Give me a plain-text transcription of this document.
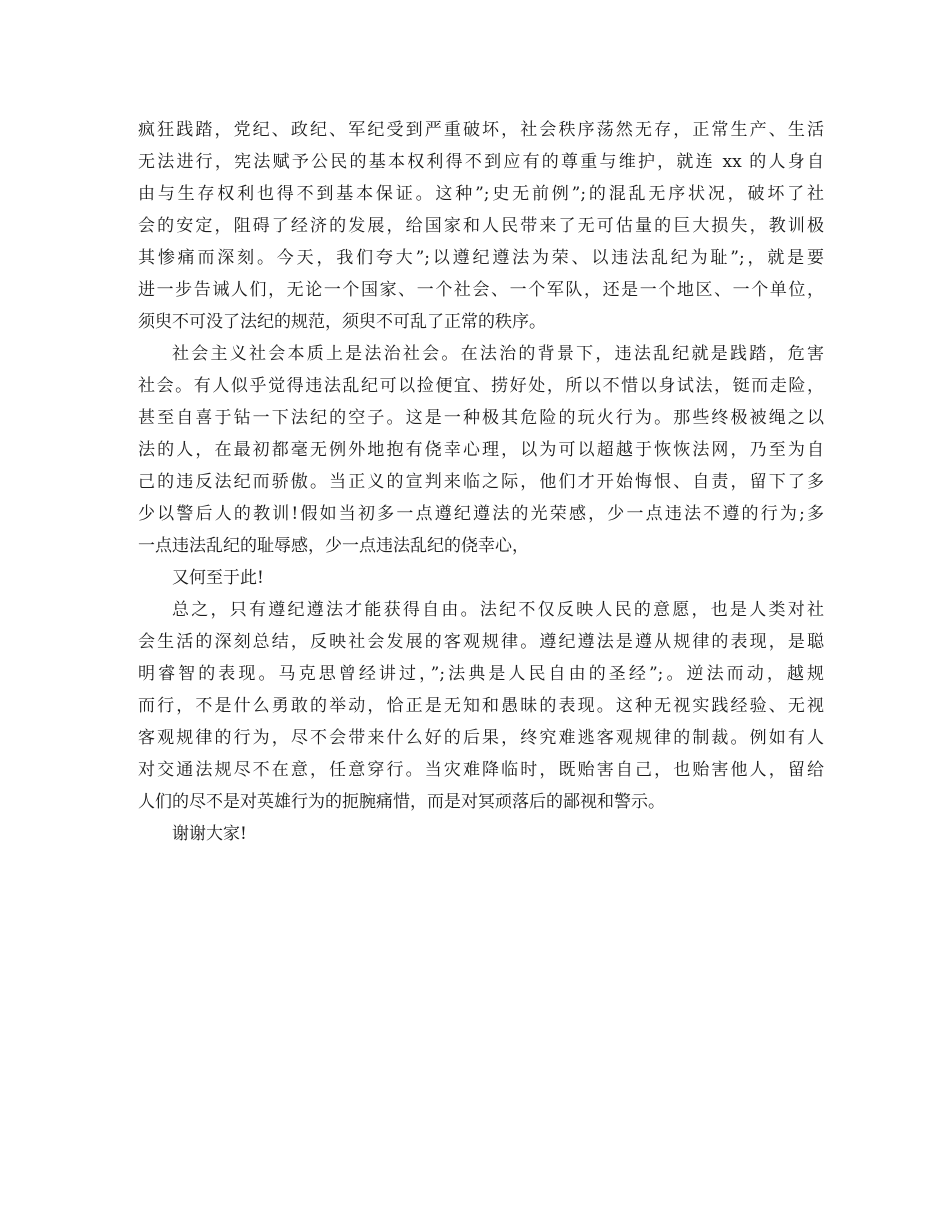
疯狂践踏，党纪、政纪、军纪受到严重破坏，社会秩序荡然无存，正常生产、生活
无法进行，宪法赋予公民的基本权利得不到应有的尊重与维护，就连 xx 的人身自
由与生存权利也得不到基本保证。这种”;史无前例”;的混乱无序状况，破坏了社
会的安定，阻碍了经济的发展，给国家和人民带来了无可估量的巨大损失，教训极
其惨痛而深刻。今天，我们夸大”;以遵纪遵法为荣、以违法乱纪为耻”;，就是要
进一步告诫人们，无论一个国家、一个社会、一个军队，还是一个地区、一个单位，
须臾不可没了法纪的规范，须臾不可乱了正常的秩序。
社会主义社会本质上是法治社会。在法治的背景下，违法乱纪就是践踏，危害
社会。有人似乎觉得违法乱纪可以捡便宜、捞好处，所以不惜以身试法，铤而走险，
甚至自喜于钻一下法纪的空子。这是一种极其危险的玩火行为。那些终极被绳之以
法的人，在最初都毫无例外地抱有侥幸心理，以为可以超越于恢恢法网，乃至为自
己的违反法纪而骄傲。当正义的宣判来临之际，他们才开始悔恨、自责，留下了多
少以警后人的教训!假如当初多一点遵纪遵法的光荣感，少一点违法不遵的行为;多
一点违法乱纪的耻辱感，少一点违法乱纪的侥幸心，
又何至于此!
总之，只有遵纪遵法才能获得自由。法纪不仅反映人民的意愿，也是人类对社
会生活的深刻总结，反映社会发展的客观规律。遵纪遵法是遵从规律的表现，是聪
明睿智的表现。马克思曾经讲过，”;法典是人民自由的圣经”;。逆法而动，越规
而行，不是什么勇敢的举动，恰正是无知和愚昧的表现。这种无视实践经验、无视
客观规律的行为，尽不会带来什么好的后果，终究难逃客观规律的制裁。例如有人
对交通法规尽不在意，任意穿行。当灾难降临时，既贻害自己，也贻害他人，留给
人们的尽不是对英雄行为的扼腕痛惜，而是对冥顽落后的鄙视和警示。
谢谢大家!
